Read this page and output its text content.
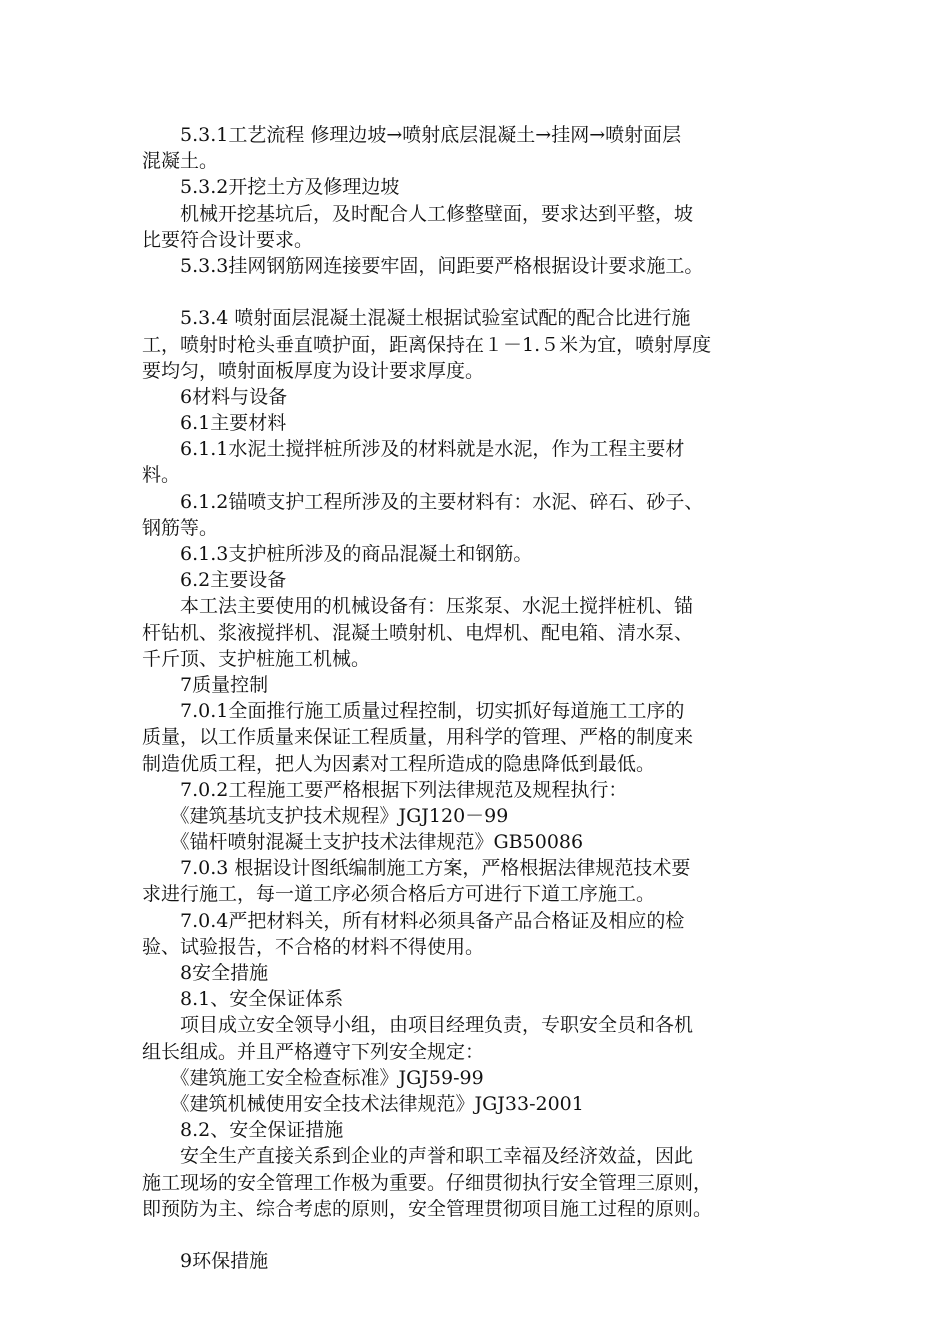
　　5.3.1工艺流程 修理边坡→喷射底层混凝土→挂网→喷射面层
混凝土。
　　5.3.2开挖土方及修理边坡
　　机械开挖基坑后，及时配合人工修整壁面，要求达到平整，坡
比要符合设计要求。
　　5.3.3挂网钢筋网连接要牢固，间距要严格根据设计要求施工。
　　5.3.4 喷射面层混凝土混凝土根据试验室试配的配合比进行施
工，喷射时枪头垂直喷护面，距离保持在１－1.５米为宜，喷射厚度
要均匀，喷射面板厚度为设计要求厚度。
　　6材料与设备
　　6.1主要材料
　　6.1.1水泥土搅拌桩所涉及的材料就是水泥，作为工程主要材
料。
　　6.1.2锚喷支护工程所涉及的主要材料有：水泥、碎石、砂子、
钢筋等。
　　6.1.3支护桩所涉及的商品混凝土和钢筋。
　　6.2主要设备
　　本工法主要使用的机械设备有：压浆泵、水泥土搅拌桩机、锚
杆钻机、浆液搅拌机、混凝土喷射机、电焊机、配电箱、清水泵、
千斤顶、支护桩施工机械。
　　7质量控制
　　7.0.1全面推行施工质量过程控制，切实抓好每道施工工序的
质量，以工作质量来保证工程质量，用科学的管理、严格的制度来
制造优质工程，把人为因素对工程所造成的隐患降低到最低。
　　7.0.2工程施工要严格根据下列法律规范及规程执行：
　　《建筑基坑支护技术规程》JGJ120－99
　　《锚杆喷射混凝土支护技术法律规范》GB50086
　　7.0.3 根据设计图纸编制施工方案，严格根据法律规范技术要
求进行施工，每一道工序必须合格后方可进行下道工序施工。
　　7.0.4严把材料关，所有材料必须具备产品合格证及相应的检
验、试验报告，不合格的材料不得使用。
　　8安全措施
　　8.1、安全保证体系
　　项目成立安全领导小组，由项目经理负责，专职安全员和各机
组长组成。并且严格遵守下列安全规定：
　　《建筑施工安全检查标准》JGJ59-99
　　《建筑机械使用安全技术法律规范》JGJ33-2001
　　8.2、安全保证措施
　　安全生产直接关系到企业的声誉和职工幸福及经济效益，因此
施工现场的安全管理工作极为重要。仔细贯彻执行安全管理三原则，
即预防为主、综合考虑的原则，安全管理贯彻项目施工过程的原则。
　　9环保措施
